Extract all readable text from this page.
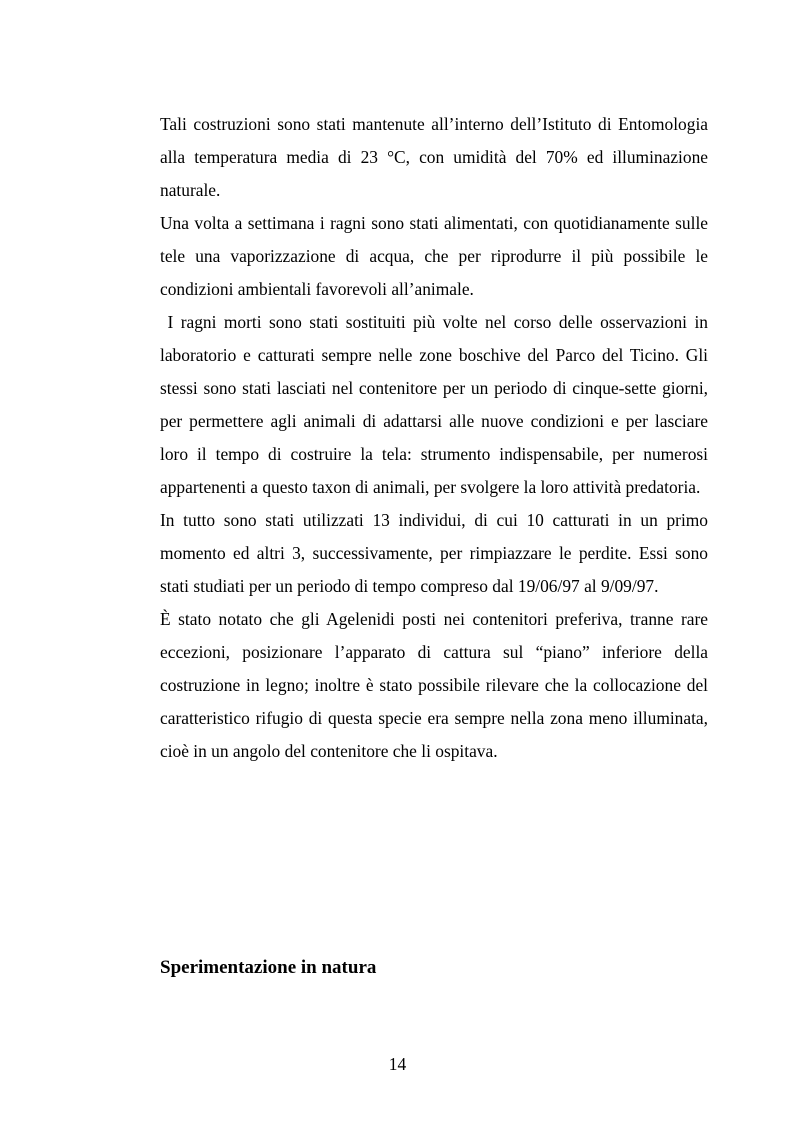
Tali costruzioni sono stati mantenute all’interno dell’Istituto di Entomologia alla temperatura media di 23 °C, con umidità del 70% ed illuminazione naturale.

Una volta a settimana i ragni sono stati alimentati, con quotidianamente sulle tele una vaporizzazione di acqua, che per riprodurre il più possibile le condizioni ambientali favorevoli all’animale.

I ragni morti sono stati sostituiti più volte nel corso delle osservazioni in laboratorio e catturati sempre nelle zone boschive del Parco del Ticino. Gli stessi sono stati lasciati nel contenitore per un periodo di cinque-sette giorni, per permettere agli animali di adattarsi alle nuove condizioni e per lasciare loro il tempo di costruire la tela: strumento indispensabile, per numerosi appartenenti a questo taxon di animali, per svolgere la loro attività predatoria.

In tutto sono stati utilizzati 13 individui, di cui 10 catturati in un primo momento ed altri 3, successivamente, per rimpiazzare le perdite. Essi sono stati studiati per un periodo di tempo compreso dal 19/06/97 al 9/09/97.

È stato notato che gli Agelenidi posti nei contenitori preferiva, tranne rare eccezioni, posizionare l’apparato di cattura sul “piano” inferiore della costruzione in legno; inoltre è stato possibile rilevare che la collocazione del caratteristico rifugio di questa specie era sempre nella zona meno illuminata, cioè in un angolo del contenitore che li ospitava.

Sperimentazione in natura
14
